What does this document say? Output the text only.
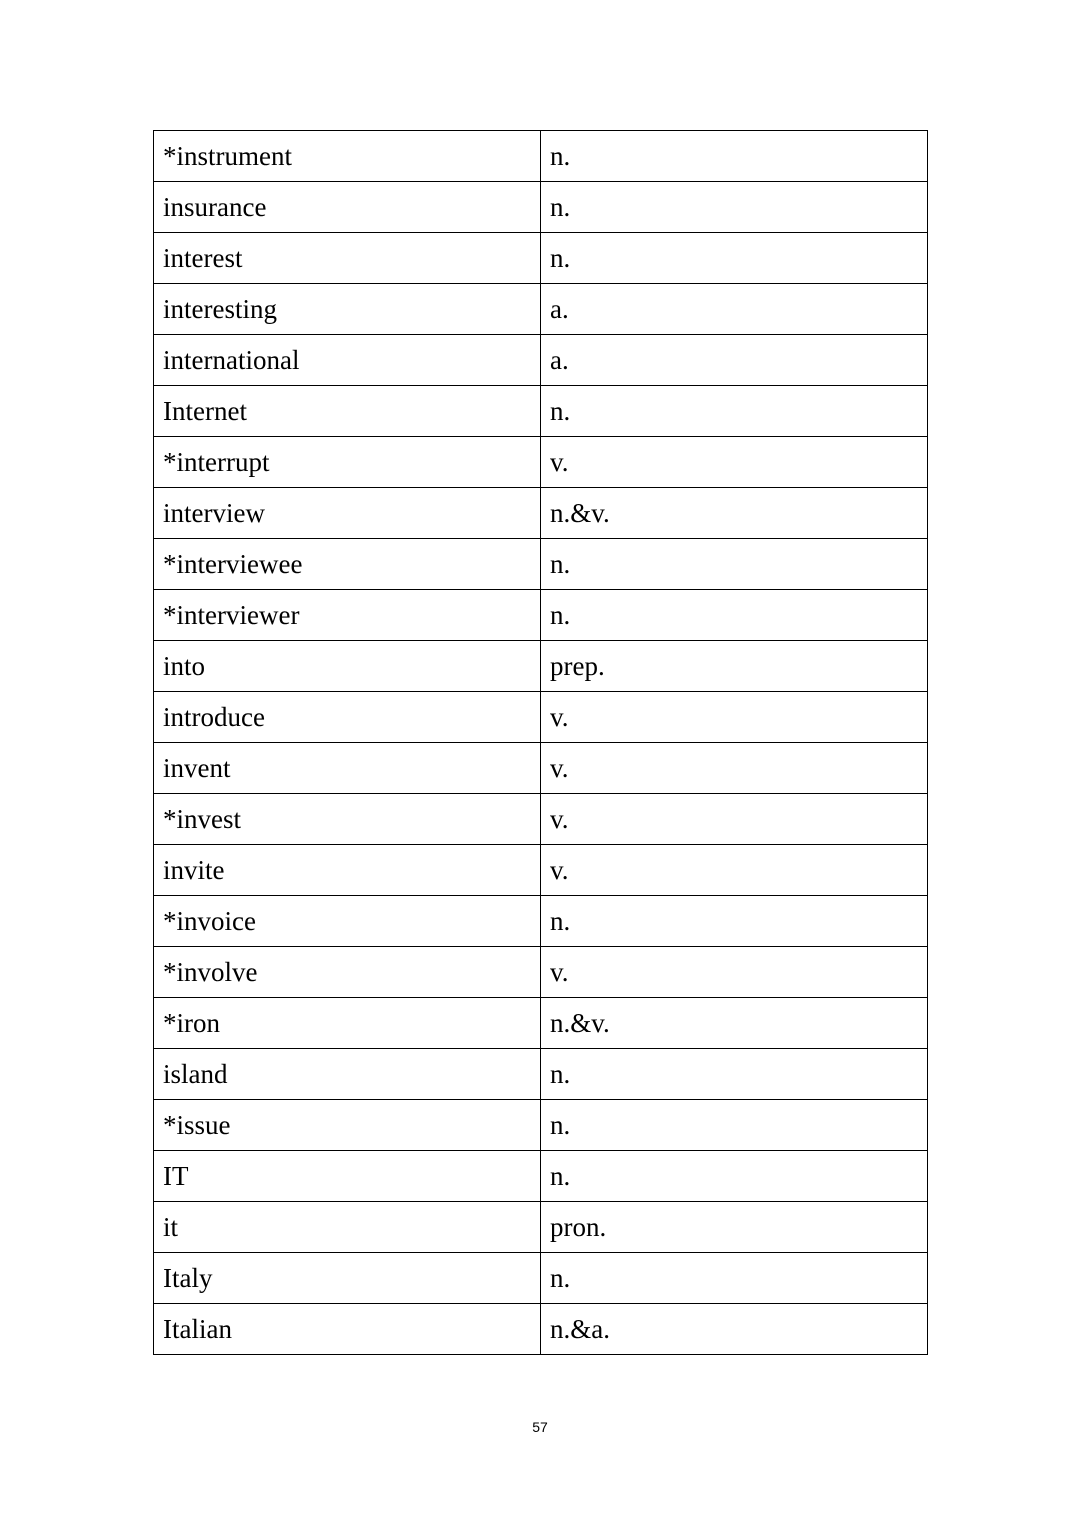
*instrument	n.
insurance	n.
interest	n.
interesting	a.
international	a.
Internet	n.
*interrupt	v.
interview	n.&v.
*interviewee	n.
*interviewer	n.
into	prep.
introduce	v.
invent	v.
*invest	v.
invite	v.
*invoice	n.
*involve	v.
*iron	n.&v.
island	n.
*issue	n.
IT	n.
it	pron.
Italy	n.
Italian	n.&a.
57
